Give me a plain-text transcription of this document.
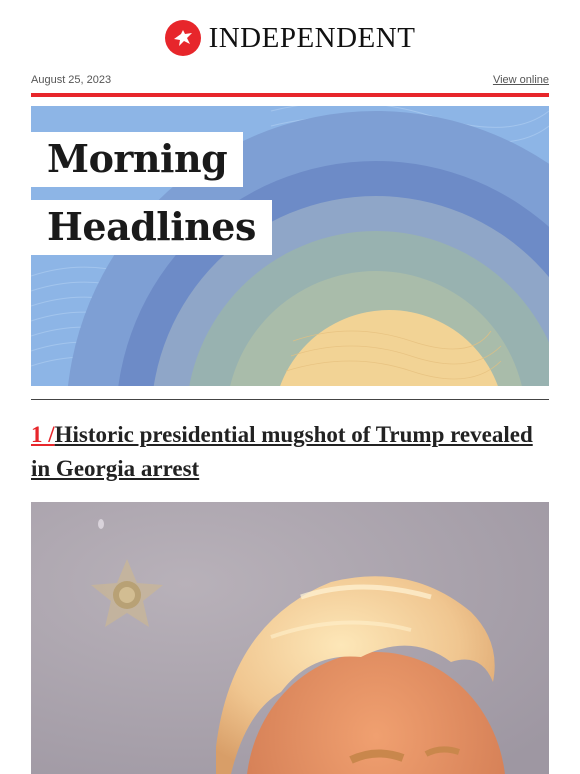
INDEPENDENT
August 25, 2023	View online
Morning
Headlines
1 /Historic presidential mugshot of Trump revealed in Georgia arrest
